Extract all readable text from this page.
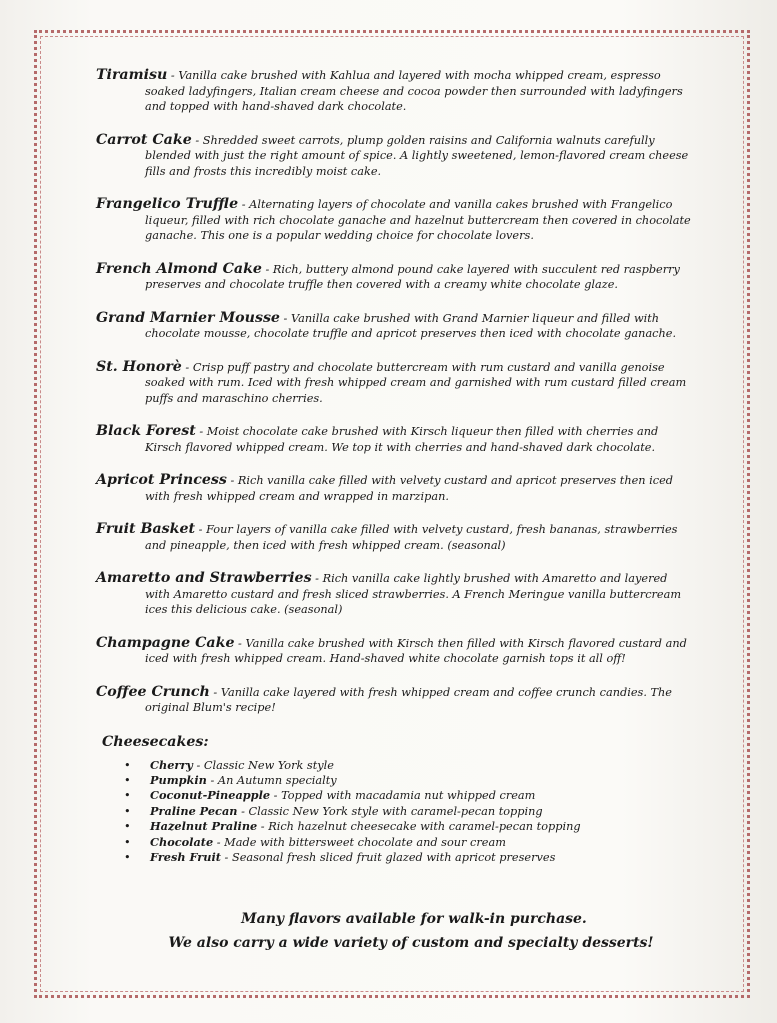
Tiramisu - Vanilla cake brushed with Kahlua and layered with mocha whipped cream, espresso
soaked ladyfingers, Italian cream cheese and cocoa powder then surrounded with ladyfingers
and topped with hand-shaved dark chocolate.
Carrot Cake - Shredded sweet carrots, plump golden raisins and California walnuts carefully
blended with just the right amount of spice. A lightly sweetened, lemon-flavored cream cheese
fills and frosts this incredibly moist cake.
Frangelico Truffle - Alternating layers of chocolate and vanilla cakes brushed with Frangelico
liqueur, filled with rich chocolate ganache and hazelnut buttercream then covered in chocolate
ganache. This one is a popular wedding choice for chocolate lovers.
French Almond Cake - Rich, buttery almond pound cake layered with succulent red raspberry
preserves and chocolate truffle then covered with a creamy white chocolate glaze.
Grand Marnier Mousse - Vanilla cake brushed with Grand Marnier liqueur and filled with
chocolate mousse, chocolate truffle and apricot preserves then iced with chocolate ganache.
St. Honorè - Crisp puff pastry and chocolate buttercream with rum custard and vanilla genoise
soaked with rum. Iced with fresh whipped cream and garnished with rum custard filled cream
puffs and maraschino cherries.
Black Forest - Moist chocolate cake brushed with Kirsch liqueur then filled with cherries and
Kirsch flavored whipped cream. We top it with cherries and hand-shaved dark chocolate.
Apricot Princess - Rich vanilla cake filled with velvety custard and apricot preserves then iced
with fresh whipped cream and wrapped in marzipan.
Fruit Basket - Four layers of vanilla cake filled with velvety custard, fresh bananas, strawberries
and pineapple, then iced with fresh whipped cream. (seasonal)
Amaretto and Strawberries - Rich vanilla cake lightly brushed with Amaretto and layered
with Amaretto custard and fresh sliced strawberries. A French Meringue vanilla buttercream
ices this delicious cake. (seasonal)
Champagne Cake - Vanilla cake brushed with Kirsch then filled with Kirsch flavored custard and
iced with fresh whipped cream. Hand-shaved white chocolate garnish tops it all off!
Coffee Crunch - Vanilla cake layered with fresh whipped cream and coffee crunch candies. The
original Blum's recipe!
Cheesecakes:
• Cherry - Classic New York style
• Pumpkin - An Autumn specialty
• Coconut-Pineapple - Topped with macadamia nut whipped cream
• Praline Pecan - Classic New York style with caramel-pecan topping
• Hazelnut Praline - Rich hazelnut cheesecake with caramel-pecan topping
• Chocolate - Made with bittersweet chocolate and sour cream
• Fresh Fruit - Seasonal fresh sliced fruit glazed with apricot preserves
Many flavors available for walk-in purchase.
We also carry a wide variety of custom and specialty desserts!
